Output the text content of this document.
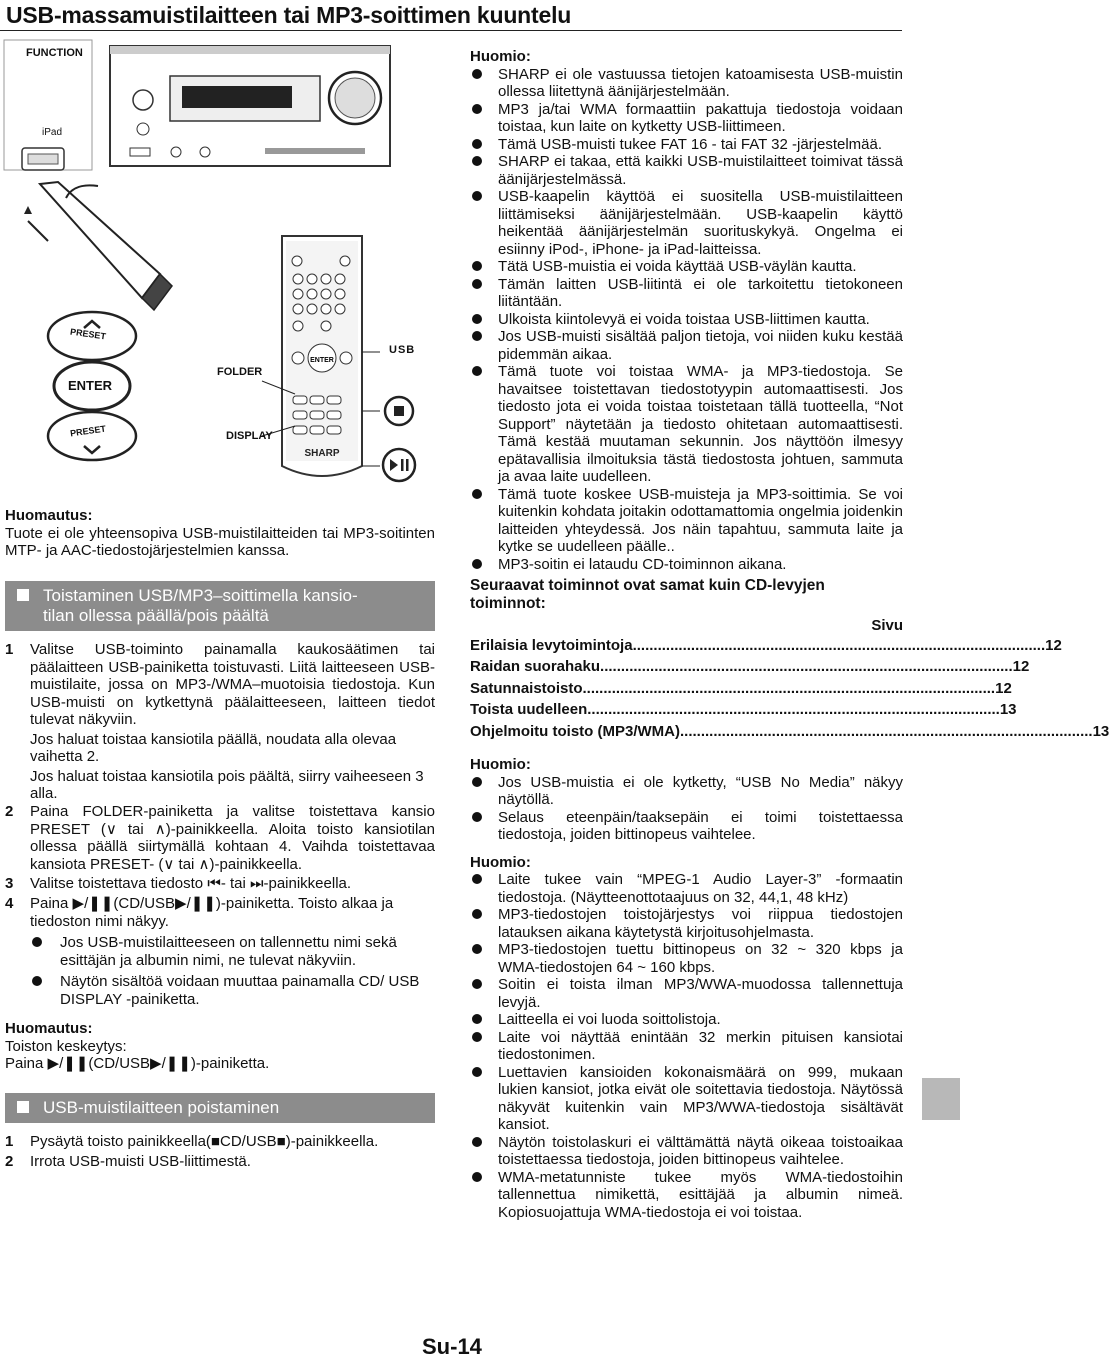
USB-massamuistilaitteen tai MP3-soittimen kuuntelu
ENTER
SHARP
FUNCTION
iPad
PRESET
ENTER
PRESET
FOLDER
DISPLAY
USB
Huomautus:
Tuote ei ole yhteensopiva USB-muistilaitteiden tai MP3-soitinten MTP- ja AAC-tiedostojärjestelmien kanssa.
Toistaminen USB/MP3–soittimella kansio-
tilan ollessa päällä/pois päältä
1 Valitse USB-toiminto painamalla kaukosäätimen tai päälaitteen USB-painiketta toistuvasti. Liitä laitteeseen USB-muistilaite, jossa on MP3-/WMA–muotoisia tiedostoja. Kun USB-muisti on kytkettynä päälaitteeseen, laitteen tiedot tulevat näkyviin.
Jos haluat toistaa kansiotila päällä, noudata alla olevaa vaihetta 2.
Jos haluat toistaa kansiotila pois päältä, siirry vaiheeseen 3 alla.
2 Paina FOLDER-painiketta ja valitse toistettava kansio PRESET (∨ tai ∧)-painikkeella. Aloita toisto kansiotilan ollessa päällä siirtymällä kohtaan 4. Vaihda toistettavaa kansiota PRESET- (∨ tai ∧)-painikkeella.
3 Valitse toistettava tiedosto ⏮- tai ⏭-painikkeella.
4 Paina ▶/❚❚(CD/USB▶/❚❚)-painiketta. Toisto alkaa ja tiedoston nimi näkyy.
Jos USB-muistilaitteeseen on tallennettu nimi sekä esittäjän ja albumin nimi, ne tulevat näkyviin.
Näytön sisältöä voidaan muuttaa painamalla CD/ USB DISPLAY -painiketta.
Huomautus:
Toiston keskeytys:
Paina ▶/❚❚(CD/USB▶/❚❚)-painiketta.
USB-muistilaitteen poistaminen
1 Pysäytä toisto painikkeella(■CD/USB■)-painikkeella.
2 Irrota USB-muisti USB-liittimestä.
Huomio:
SHARP ei ole vastuussa tietojen katoamisesta USB-muistin ollessa liitettynä äänijärjestelmään.
MP3 ja/tai WMA formaattiin pakattuja tiedostoja voidaan toistaa, kun laite on kytketty USB-liittimeen.
Tämä USB-muisti tukee FAT 16 - tai FAT 32 -järjestelmää.
SHARP ei takaa, että kaikki USB-muistilaitteet toimivat tässä äänijärjestelmässä.
USB-kaapelin käyttöä ei suositella USB-muistilaitteen liittämiseksi äänijärjestelmään. USB-kaapelin käyttö heikentää äänijärjestelmän suorituskykyä. Ongelma ei esiinny iPod-, iPhone- ja iPad-laitteissa.
Tätä USB-muistia ei voida käyttää USB-väylän kautta.
Tämän laitten USB-liitintä ei ole tarkoitettu tietokoneen liitäntään.
Ulkoista kiintolevyä ei voida toistaa USB-liittimen kautta.
Jos USB-muisti sisältää paljon tietoja, voi niiden kuku kestää pidemmän aikaa.
Tämä tuote voi toistaa WMA- ja MP3-tiedostoja. Se havaitsee toistettavan tiedostotyypin automaattisesti. Jos tiedosto jota ei voida toistaa toistetaan tällä tuotteella, “Not Support” näytetään ja tiedosto ohitetaan automaattisesti. Tämä kestää muutaman sekunnin. Jos näyttöön ilmesyy epätavallisia ilmoituksia tästä tiedostosta johtuen, sammuta ja avaa laite uudelleen.
Tämä tuote koskee USB-muisteja ja MP3-soittimia. Se voi kuitenkin kohdata joitakin odottamattomia ongelmia joidenkin laitteiden yhteydessä. Jos näin tapahtuu, sammuta laite ja kytke se uudelleen päälle..
MP3-soitin ei lataudu CD-toiminnon aikana.
Seuraavat toiminnot ovat samat kuin CD-levyjen toiminnot:
Sivu
Erilaisia levytoimintoja ................................................................................................... 12
Raidan suorahaku ................................................................................................... 12
Satunnaistoisto ................................................................................................... 12
Toista uudelleen ................................................................................................... 13
Ohjelmoitu toisto (MP3/WMA) ................................................................................................... 13
Huomio:
Jos USB-muistia ei ole kytketty, “USB No Media” näkyy näytöllä.
Selaus eteenpäin/taaksepäin ei toimi toistettaessa tiedostoja, joiden bittinopeus vaihtelee.
Huomio:
Laite tukee vain “MPEG-1 Audio Layer-3” -formaatin tiedostoja. (Näytteenottotaajuus on 32, 44,1, 48 kHz)
MP3-tiedostojen toistojärjestys voi riippua tiedostojen latauksen aikana käytetystä kirjoitusohjelmasta.
MP3-tiedostojen tuettu bittinopeus on 32 ~ 320 kbps ja WMA-tiedostojen 64 ~ 160 kbps.
Soitin ei toista ilman MP3/WWA-muodossa tallennettuja levyjä.
Laitteella ei voi luoda soittolistoja.
Laite voi näyttää enintään 32 merkin pituisen kansiotai tiedostonimen.
Luettavien kansioiden kokonaismäärä on 999, mukaan lukien kansiot, jotka eivät ole soitettavia tiedostoja. Näytössä näkyvät kuitenkin vain MP3/WWA-tiedostoja sisältävät kansiot.
Näytön toistolaskuri ei välttämättä näytä oikeaa toistoaikaa toistettaessa tiedostoja, joiden bittinopeus vaihtelee.
WMA-metatunniste tukee myös WMA-tiedostoihin tallennettua nimikettä, esittäjää ja albumin nimeä. Kopiosuojattuja WMA-tiedostoja ei voi toistaa.
Su-14
